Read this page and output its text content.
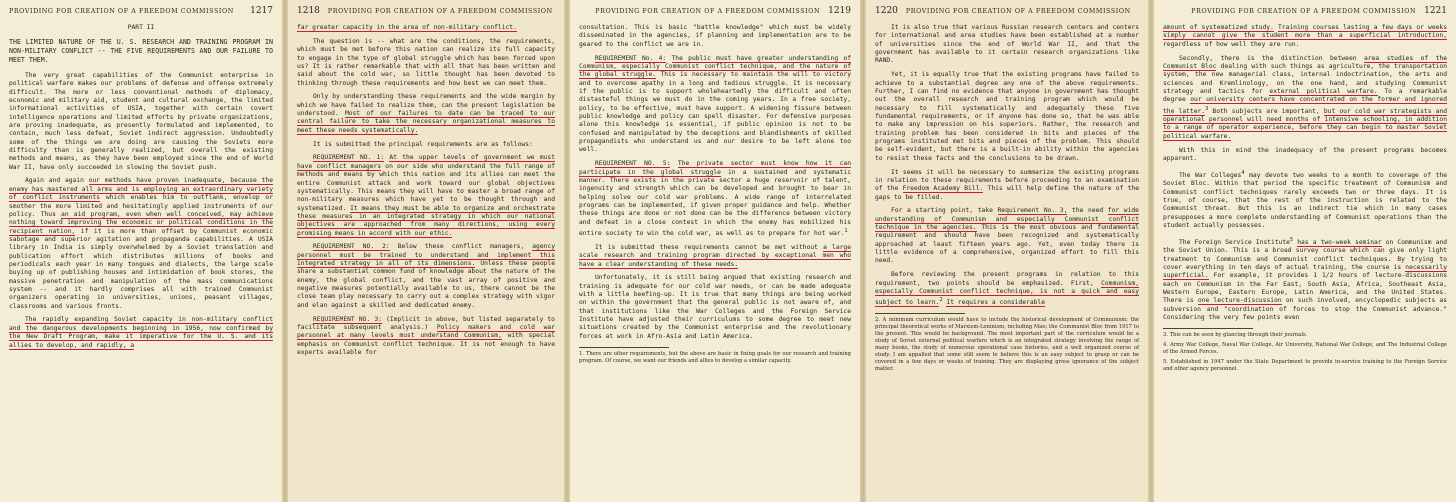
PROVIDING FOR CREATION OF A FREEDOM COMMISSION 1217
PART II
THE LIMITED NATURE OF THE U. S. RESEARCH AND TRAINING PROGRAM IN NON-MILITARY CONFLICT -- THE FIVE REQUIREMENTS AND OUR FAILURE TO MEET THEM.
The very great capabilities of the Communist enterprise in political warfare makes our problems of defense and offense extremely difficult. The more or less conventional methods of diplomacy, economic and military aid, student and cultural exchange, the limited informational activities of USIA, together with certain covert intelligence operations and limited efforts by private organizations, are proving inadequate, as presently formulated and implemented, to contain, much less defeat, Soviet indirect aggression. Undoubtedly some of the things we are doing are causing the Soviets more difficulty than is generally realized, but overall the existing methods and means, as they have been employed since the end of World War II, have only succeeded in slowing the Soviet push.
Again and again our methods have proven inadequate, because the enemy has mastered all arms and is employing an extraordinary variety of conflict instruments which enables him to outflank, envelop or smother the more limited and hesitatingly applied instruments of our policy. Thus an aid program, even when well conceived, may achieve nothing toward improving the economic or political conditions in the recipient nation, if it is more than offset by Communist economic sabotage and superior agitation and propaganda capabilities. A USIA library in India is simply overwhelmed by a Soviet translation and publication effort which distributes millions of books and periodicals each year in many tongues and dialects, the large scale buying up of publishing houses and intimidation of book stores, the massive penetration and manipulation of the mass communications system -- and it hardly comprises all with trained Communist organizers operating in universities, unions, peasant villages, classrooms and various fronts.
The rapidly expanding Soviet capacity in non-military conflict and the dangerous developments beginning in 1956, now confirmed by the New Draft Program, make it imperative for the U. S. and its allies to develop, and rapidly, a
1218 PROVIDING FOR CREATION OF A FREEDOM COMMISSION
far greater capacity in the area of non-military conflict.
The question is -- what are the conditions, the requirements, which must be met before this nation can realize its full capacity to engage in the type of global struggle which has been forced upon us? It is rather remarkable that with all that has been written and said about the cold war, so little thought has been devoted to thinking through these requirements and how best we can meet them.
Only by understanding these requirements and the wide margin by which we have failed to realize them, can the present legislation be understood. Most of our failures to date can be traced to our central failure to take the necessary organizational measures to meet these needs systematically.
It is submitted the principal requirements are as follows:
REQUIREMENT NO. 1: At the upper levels of government we must have conflict managers on our side who understand the full range of methods and means by which this nation and its allies can meet the entire Communist attack and work toward our global objectives systematically. This means they will have to master a broad range of non-military measures which have yet to be thought through and systematized. It means they must be able to organize and orchestrate these measures in an integrated strategy in which our national objectives are approached from many directions, using every promising means in accord with our ethic.
REQUIREMENT NO. 2: Below these conflict managers, agency personnel must be trained to understand and implement this integrated strategy in all of its dimensions. Unless these people share a substantial common fund of knowledge about the nature of the enemy, the global conflict, and the vast array of positive and negative measures potentially available to us, there cannot be the close team play necessary to carry out a complex strategy with vigor and elan against a skilled and dedicated enemy.
REQUIREMENT NO. 3: (Implicit in above, but listed separately to facilitate subsequent analysis.) Policy makers and cold war personnel at many levels must understand Communism, with special emphasis on Communist conflict technique. It is not enough to have experts available for
PROVIDING FOR CREATION OF A FREEDOM COMMISSION 1219
consultation. This is basic "battle knowledge" which must be widely disseminated in the agencies, if planning and implementation are to be geared to the conflict we are in.
REQUIREMENT No. 4: The public must have greater understanding of Communism, especially Communist conflict technique, and the nature of the global struggle. This is necessary to maintain the will to victory and to overcome apathy in a long and tedious struggle. It is necessary if the public is to support wholeheartedly the difficult and often distasteful things we must do in the coming years. In a free society, policy, to be effective, must have support. A widening fissure between public knowledge and policy can spell disaster. For defensive purposes alone this knowledge is essential, if public opinion is not to be confused and manipulated by the deceptions and blandishments of skilled propagandists who understand us and our desire to be left alone too well.
REQUIREMENT NO. 5: The private sector must know how it can participate in the global struggle in a sustained and systematic manner. There exists in the private sector a huge reservoir of talent, ingenuity and strength which can be developed and brought to bear in helping solve our cold war problems. A wide range of interrelated programs can be implemented, if given proper guidance and help. Whether these things are done or not done can be the difference between victory and defeat in a close contest in which the enemy has mobilized his entire society to win the cold war, as well as to prepare for hot war.$^1$
It is submitted these requirements cannot be met without a large scale research and training program directed by exceptional men who have a clear understanding of these needs.
Unfortunately, it is still being argued that existing research and training is adequate for our cold war needs, or can be made adequate with a little beefing-up. It is true that many things are being worked on within the government that the general public is not aware of, and that institutions like the War Colleges and the Foreign Service Institute have adjusted their curriculums to some degree to meet new situations created by the Communist enterprise and the revolutionary forces at work in Afro-Asia and Latin America.
1. There are other requirements, but the above are basic in fixing goals for our research and training program. Of course, we want our friends and allies to develop a similar capacity.
1220 PROVIDING FOR CREATION OF A FREEDOM COMMISSION
It is also true that various Russian research centers and centers for international and area studies have been established at a number of universities since the end of World War II, and that the government has available to it certain research organizations like RAND.
Yet, it is equally true that the existing programs have failed to achieve to a substantial degree any one of the above requirements. Further, I can find no evidence that anyone in government has thought out the overall research and training program which would be necessary to fill systematically and adequately these five fundamental requirements, or if anyone has done so, that he was able to make any impression on his superiors. Rather, the research and training problem has been considered in bits and pieces of the programs instituted met bits and pieces of the problem. This should be self-evident, but there is a built-in ability within the agencies to resist these facts and the conclusions to be drawn.
It seems it will be necessary to summarize the existing programs in relation to these requirements before proceeding to an examination of the Freedom Academy Bill. This will help define the nature of the gaps to be filled.
For a starting point, take Requirement No. 3, the need for wide understanding of Communism and especially Communist conflict technique in the agencies. This is the most obvious and fundamental requirement and should have been recognized and systematically approached at least fifteen years ago. Yet, even today there is little evidence of a comprehensive, organized effort to fill this need.
Before reviewing the present programs in relation to this requirement, two points should be emphasized. First, Communism, especially Communist conflict technique, is not a quick and easy subject to learn.$^2$ It requires a considerable
2. A minimum curriculum would have to include the historical development of Communism; the principal theoretical works of Marxism-Leninism, including Mao; the Communist Bloc from 1917 to the present. This would be background. The most important part of the curriculum would be a study of Soviet external political warfare which is an integrated strategy involving the range of many books, the study of numerous operational case histories, and a well organized course of study. I am appalled that some still seem to believe this is an easy subject to grasp or can be covered in a few days or weeks of training. They are displaying gross ignorance of the subject matter.
PROVIDING FOR CREATION OF A FREEDOM COMMISSION 1221
amount of systematized study. Training courses lasting a few days or weeks simply cannot give the student more than a superficial introduction, regardless of how well they are run.
Secondly, there is the distinction between area studies of the Communist Bloc dealing with such things as agriculture, the transportation system, the new managerial class, internal indoctrination, the arts and sciences and Kremlinology, on the one hand, and studying Communist strategy and tactics for external political warfare. To a remarkable degree our university centers have concentrated on the former and ignored the latter.$^3$ Both subjects are important, but our cold war strategists and operational personnel will need months of intensive schooling, in addition to a range of operator experience, before they can begin to master Soviet political warfare.
With this in mind the inadequacy of the present programs becomes apparent.
The War Colleges$^4$ may devote two weeks to a month to coverage of the Soviet Bloc. Within that period the specific treatment of Communism and Communist conflict techniques rarely exceeds two or three days. It is true, of course, that the rest of the instruction is related to the Communist threat. But this is an indirect tie which in many cases presupposes a more complete understanding of Communist operations than the student actually possesses.
The Foreign Service Institute$^5$ has a two-week seminar on Communism and the Soviet Union. This is a broad survey course which can give only light treatment to Communism and Communist conflict techniques. By trying to cover everything in ten days of actual training, the course is necessarily superficial. For example, it provides 1 1/2 hours of lecture-discussions each on Communism in the Far East, South Asia, Africa, Southeast Asia, Western Europe, Eastern Europe, Latin America, and the United States. There is one lecture-discussion on such involved, encyclopedic subjects as subversion and "coordination of forces to stop the Communist advance." Considering the very few points even
3. This can be seen by glancing through their journals.
4. Army War College, Naval War College, Air University, National War College, and The Industrial College of the Armed Forces.
5. Established in 1947 under the State Department to provide in-service training to the Foreign Service and other agency personnel.
